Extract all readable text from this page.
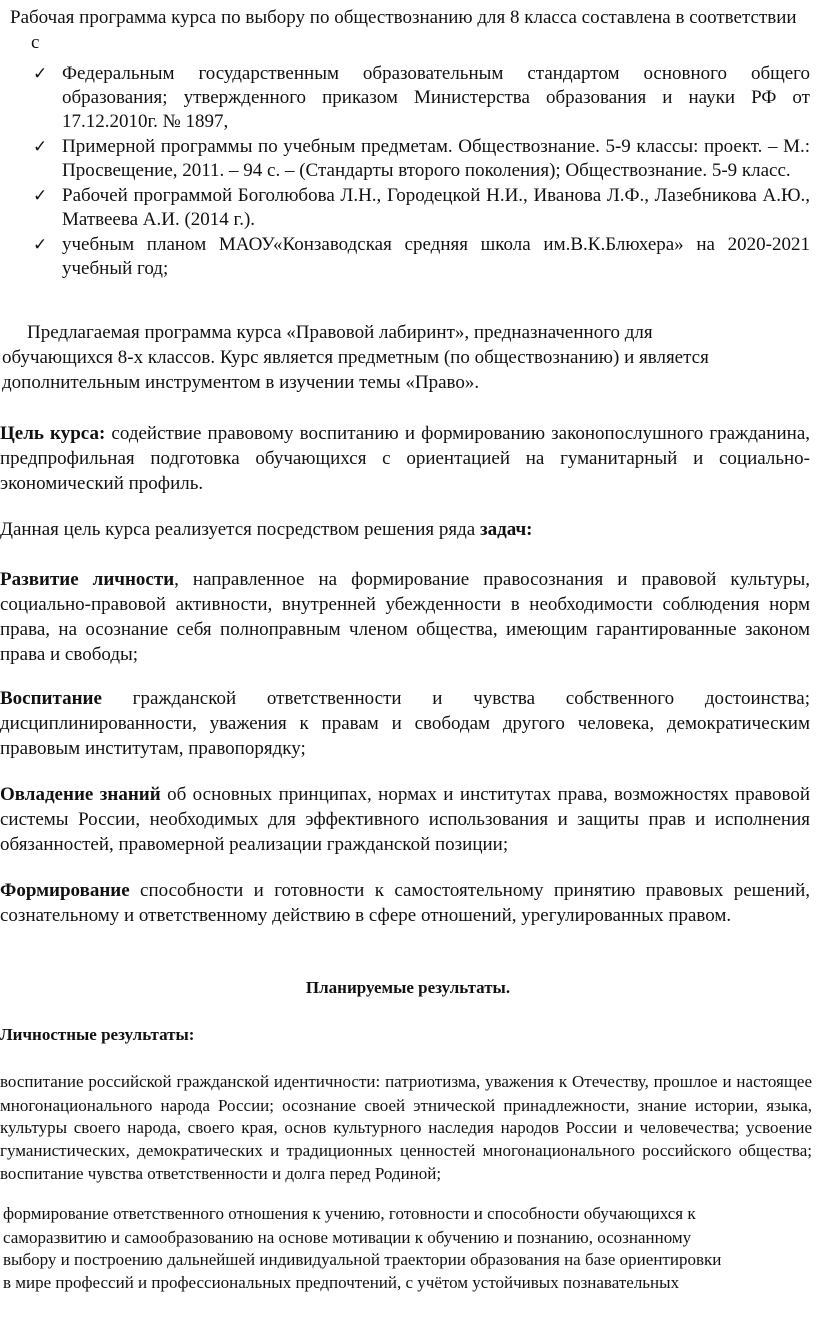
Рабочая программа курса по выбору по обществознанию для 8 класса составлена в соответствии
с

✓ Федеральным государственным образовательным стандартом основного общего образования; утвержденного приказом Министерства образования и науки РФ от 17.12.2010г. № 1897,
✓ Примерной программы по учебным предметам. Обществознание. 5-9 классы: проект. – М.: Просвещение, 2011. – 94 с. – (Стандарты второго поколения); Обществознание. 5-9 класс.
✓ Рабочей программой Боголюбова Л.Н., Городецкой Н.И., Иванова Л.Ф., Лазебникова А.Ю., Матвеева А.И. (2014 г.).
✓ учебным планом МАОУ«Конзаводская средняя школа им.В.К.Блюхера» на 2020-2021 учебный год;

Предлагаемая программа курса «Правовой лабиринт», предназначенного для
обучающихся 8-х классов. Курс является предметным (по обществознанию) и является
дополнительным инструментом в изучении темы «Право».

Цель курса: содействие правовому воспитанию и формированию законопослушного гражданина, предпрофильная подготовка обучающихся с ориентацией на гуманитарный и социально-экономический профиль.

Данная цель курса реализуется посредством решения ряда задач:

Развитие личности, направленное на формирование правосознания и правовой культуры, социально-правовой активности, внутренней убежденности в необходимости соблюдения норм права, на осознание себя полноправным членом общества, имеющим гарантированные законом права и свободы;

Воспитание гражданской ответственности и чувства собственного достоинства; дисциплинированности, уважения к правам и свободам другого человека, демократическим правовым институтам, правопорядку;

Овладение знаний об основных принципах, нормах и институтах права, возможностях правовой системы России, необходимых для эффективного использования и защиты прав и исполнения обязанностей, правомерной реализации гражданской позиции;

Формирование способности и готовности к самостоятельному принятию правовых решений, сознательному и ответственному действию в сфере отношений, урегулированных правом.

Планируемые результаты.

Личностные результаты:

воспитание российской гражданской идентичности: патриотизма, уважения к Отечеству, прошлое и настоящее многонационального народа России; осознание своей этнической принадлежности, знание истории, языка, культуры своего народа, своего края, основ культурного наследия народов России и человечества; усвоение гуманистических, демократических и традиционных ценностей многонационального российского общества; воспитание чувства ответственности и долга перед Родиной;

формирование ответственного отношения к учению, готовности и способности обучающихся к
саморазвитию и самообразованию на основе мотивации к обучению и познанию, осознанному
выбору и построению дальнейшей индивидуальной траектории образования на базе ориентировки
в мире профессий и профессиональных предпочтений, с учётом устойчивых познавательных
